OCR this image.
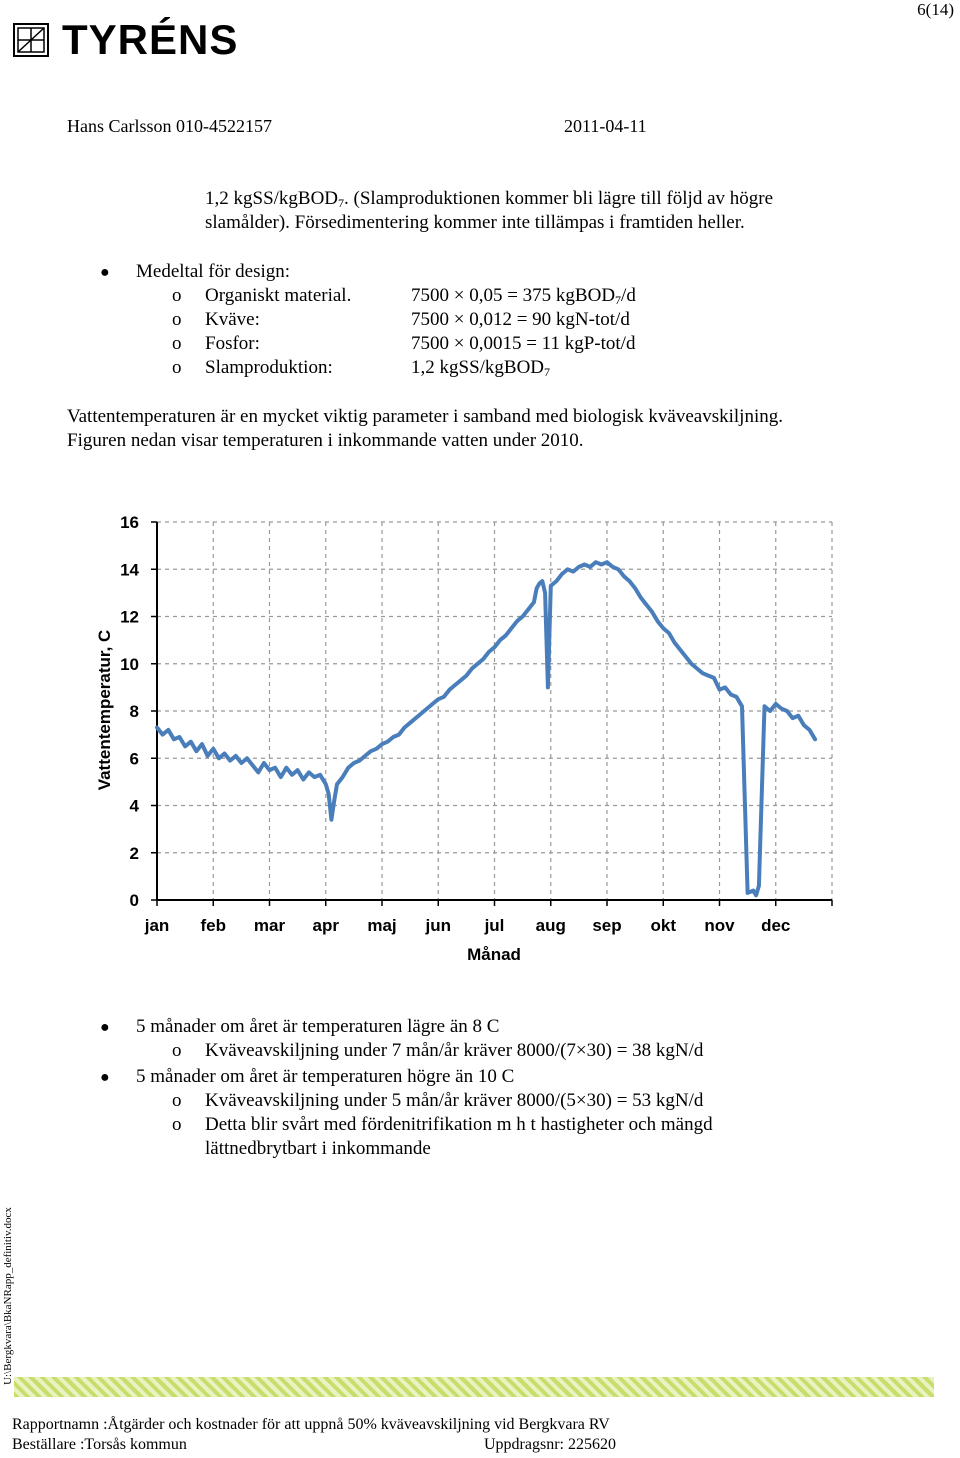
6(14)
TYRÉNS
Hans Carlsson 010-4522157	2011-04-11
1,2 kgSS/kgBOD$_7$. (Slamproduktionen kommer bli lägre till följd av högre
slamålder). Försedimentering kommer inte tillämpas i framtiden heller.
● Medeltal för design:
o Organiskt material.	7500 × 0,05 = 375 kgBOD$_7$/d
o Kväve:	7500 × 0,012 = 90 kgN-tot/d
o Fosfor:	7500 × 0,0015 = 11 kgP-tot/d
o Slamproduktion:	1,2 kgSS/kgBOD$_7$
Vattentemperaturen är en mycket viktig parameter i samband med biologisk kväveavskiljning.
Figuren nedan visar temperaturen i inkommande vatten under 2010.
0
2
4
6
8
10
12
14
16
jan feb mar apr maj jun jul aug sep okt nov dec
Vattentemperatur, C
Månad
● 5 månader om året är temperaturen lägre än 8 C
o Kväveavskiljning under 7 mån/år kräver 8000/(7×30) = 38 kgN/d
● 5 månader om året är temperaturen högre än 10 C
o Kväveavskiljning under 5 mån/år kräver 8000/(5×30) = 53 kgN/d
o Detta blir svårt med fördenitrifikation m h t hastigheter och mängd
lättnedbrytbart i inkommande
U:\Bergkvara\BkaNRapp_definitiv.docx
Rapportnamn :Åtgärder och kostnader för att uppnå 50% kväveavskiljning vid Bergkvara RV
Beställare :Torsås kommun	Uppdragsnr: 225620
